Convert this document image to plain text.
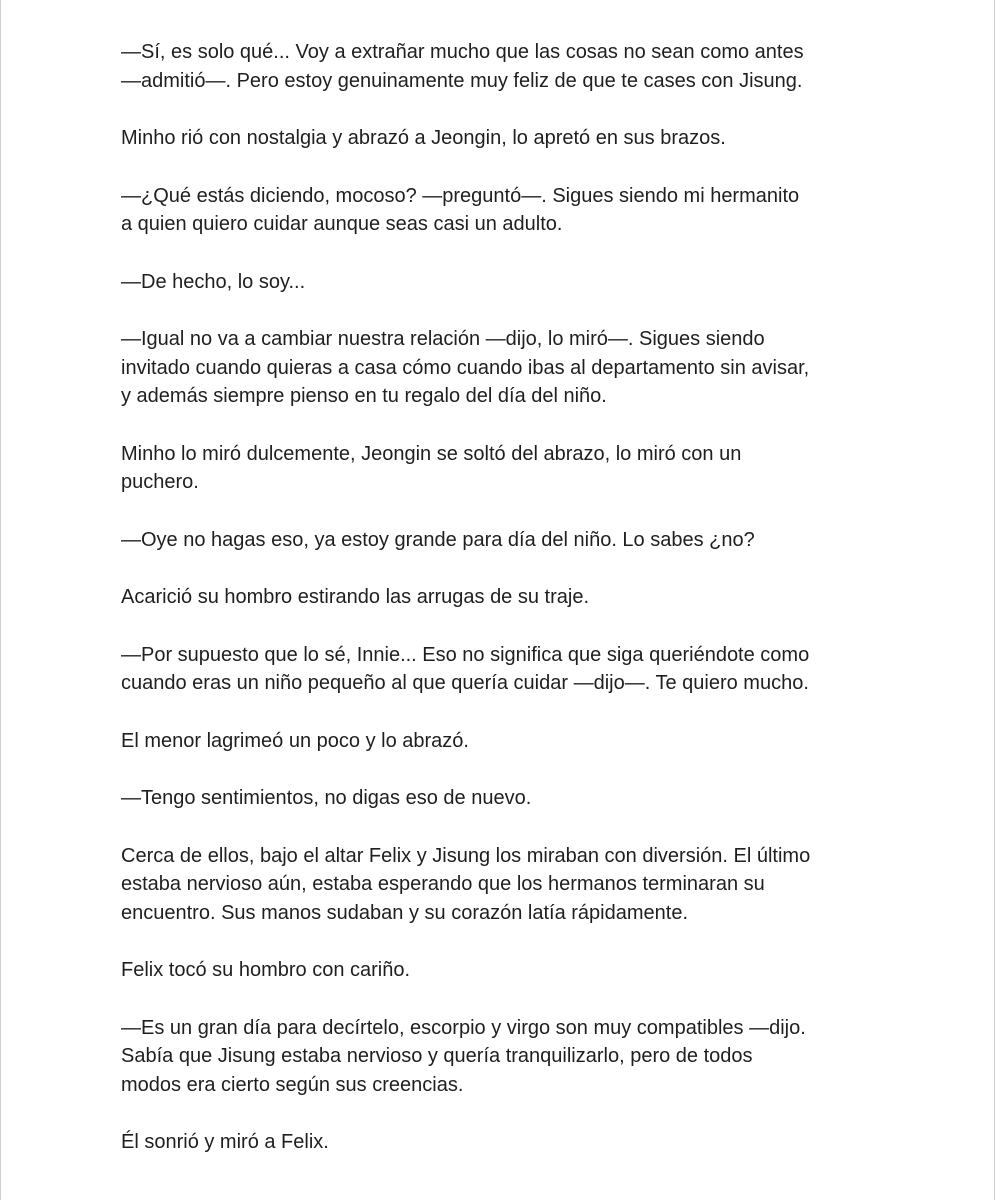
—Sí, es solo qué... Voy a extrañar mucho que las cosas no sean como antes
—admitió—. Pero estoy genuinamente muy feliz de que te cases con Jisung.

Minho rió con nostalgia y abrazó a Jeongin, lo apretó en sus brazos.

—¿Qué estás diciendo, mocoso? —preguntó—. Sigues siendo mi hermanito
a quien quiero cuidar aunque seas casi un adulto.

—De hecho, lo soy...

—Igual no va a cambiar nuestra relación —dijo, lo miró—. Sigues siendo
invitado cuando quieras a casa cómo cuando ibas al departamento sin avisar,
y además siempre pienso en tu regalo del día del niño.

Minho lo miró dulcemente, Jeongin se soltó del abrazo, lo miró con un
puchero.

—Oye no hagas eso, ya estoy grande para día del niño. Lo sabes ¿no?

Acarició su hombro estirando las arrugas de su traje.

—Por supuesto que lo sé, Innie... Eso no significa que siga queriéndote como
cuando eras un niño pequeño al que quería cuidar —dijo—. Te quiero mucho.

El menor lagrimeó un poco y lo abrazó.

—Tengo sentimientos, no digas eso de nuevo.

Cerca de ellos, bajo el altar Felix y Jisung los miraban con diversión. El último
estaba nervioso aún, estaba esperando que los hermanos terminaran su
encuentro. Sus manos sudaban y su corazón latía rápidamente.

Felix tocó su hombro con cariño.

—Es un gran día para decírtelo, escorpio y virgo son muy compatibles —dijo.
Sabía que Jisung estaba nervioso y quería tranquilizarlo, pero de todos
modos era cierto según sus creencias.

Él sonrió y miró a Felix.
